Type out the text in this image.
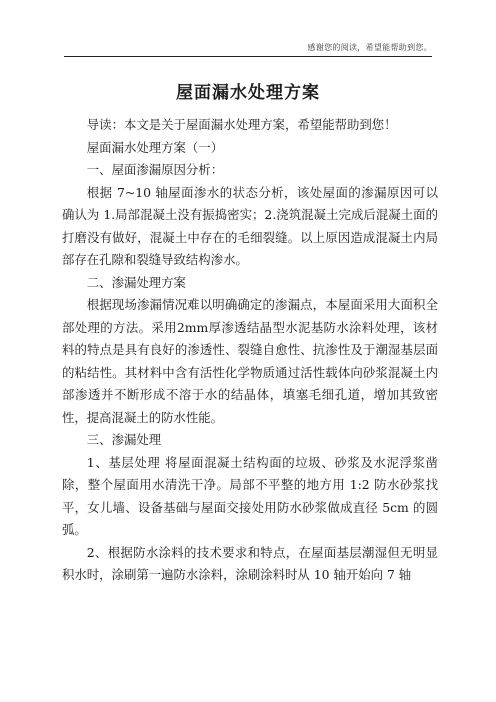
感谢您的阅读，希望能帮助到您。
屋面漏水处理方案

导读：本文是关于屋面漏水处理方案，希望能帮助到您！

屋面漏水处理方案（一）

一、屋面渗漏原因分析：

根据 7~10 轴屋面渗水的状态分析，该处屋面的渗漏原因可以确认为 1.局部混凝土没有振捣密实；2.浇筑混凝土完成后混凝土面的打磨没有做好，混凝土中存在的毛细裂缝。以上原因造成混凝土内局部存在孔隙和裂缝导致结构渗水。

二、渗漏处理方案

根据现场渗漏情况难以明确确定的渗漏点，本屋面采用大面积全部处理的方法。采用2mm厚渗透结晶型水泥基防水涂料处理，该材料的特点是具有良好的渗透性、裂缝自愈性、抗渗性及于潮湿基层面的粘结性。其材料中含有活性化学物质通过活性载体向砂浆混凝土内部渗透并不断形成不溶于水的结晶体，填塞毛细孔道，增加其致密性，提高混凝土的防水性能。

三、渗漏处理

1、基层处理 将屋面混凝土结构面的垃圾、砂浆及水泥浮浆凿除，整个屋面用水清洗干净。局部不平整的地方用 1:2 防水砂浆找平，女儿墙、设备基础与屋面交接处用防水砂浆做成直径 5cm 的圆弧。

2、根据防水涂料的技术要求和特点，在屋面基层潮湿但无明显积水时，涂刷第一遍防水涂料，涂刷涂料时从 10 轴开始向 7 轴
